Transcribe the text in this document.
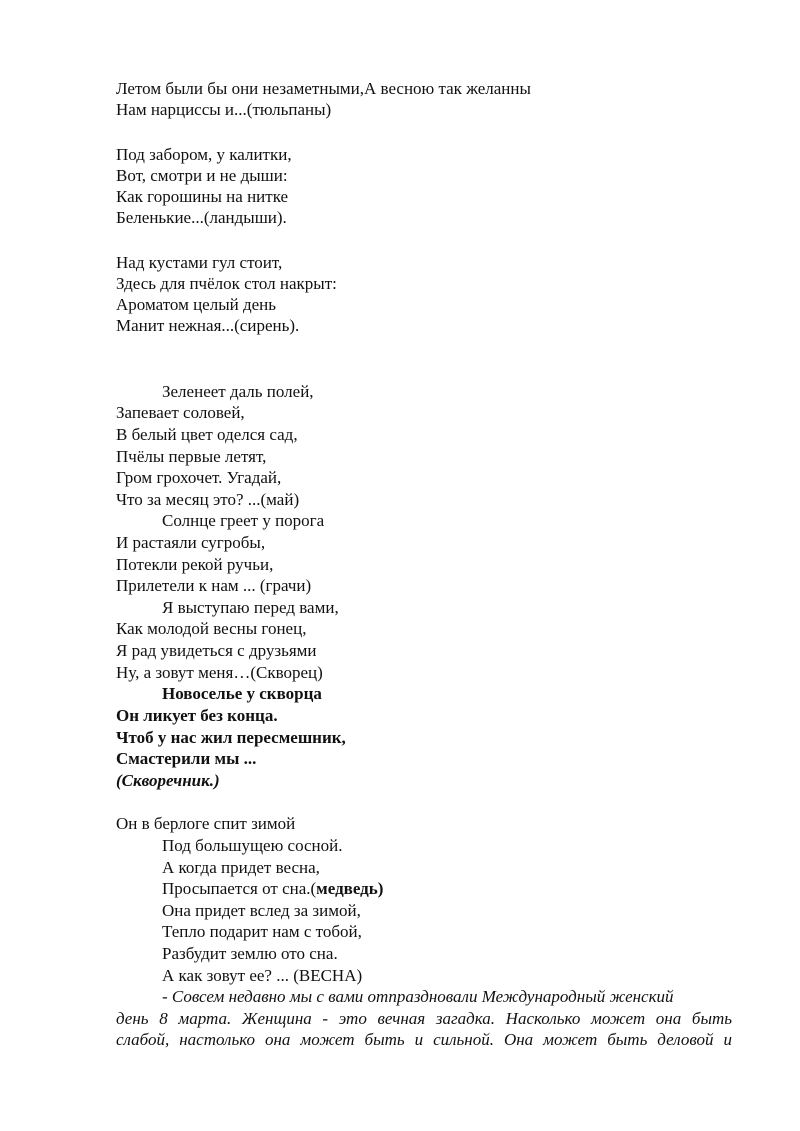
Летом были бы они незаметными,А весною так желанны
Нам нарциссы и...(тюльпаны)
Под забором, у калитки,
Вот, смотри и не дыши:
Как горошины на нитке
Беленькие...(ландыши).
Над кустами гул стоит,
Здесь для пчёлок стол накрыт:
Ароматом целый день
Манит нежная...(сирень).
Зеленеет даль полей,
Запевает соловей,
В белый цвет оделся сад,
Пчёлы первые летят,
Гром грохочет. Угадай,
Что за месяц это? ...(май)
Солнце греет у порога
И растаяли сугробы,
Потекли рекой ручьи,
Прилетели к нам ... (грачи)
Я выступаю перед вами,
Как молодой весны гонец,
Я рад увидеться с друзьями
Ну, а зовут меня…(Скворец)
Новоселье у скворца
Он ликует без конца.
Чтоб у нас жил пересмешник,
Смастерили мы ...
(Скворечник.)
Он в берлоге спит зимой
Под большущею сосной.
А когда придет весна,
Просыпается от сна.(медведь)
Она придет вслед за зимой,
Тепло подарит нам с тобой,
Разбудит землю ото сна.
А как зовут ее? ... (ВЕСНА)
- Совсем недавно мы с вами отпраздновали Международный женский
день 8 марта. Женщина - это вечная загадка. Насколько может она быть
слабой, настолько она может быть и сильной. Она может быть деловой и
